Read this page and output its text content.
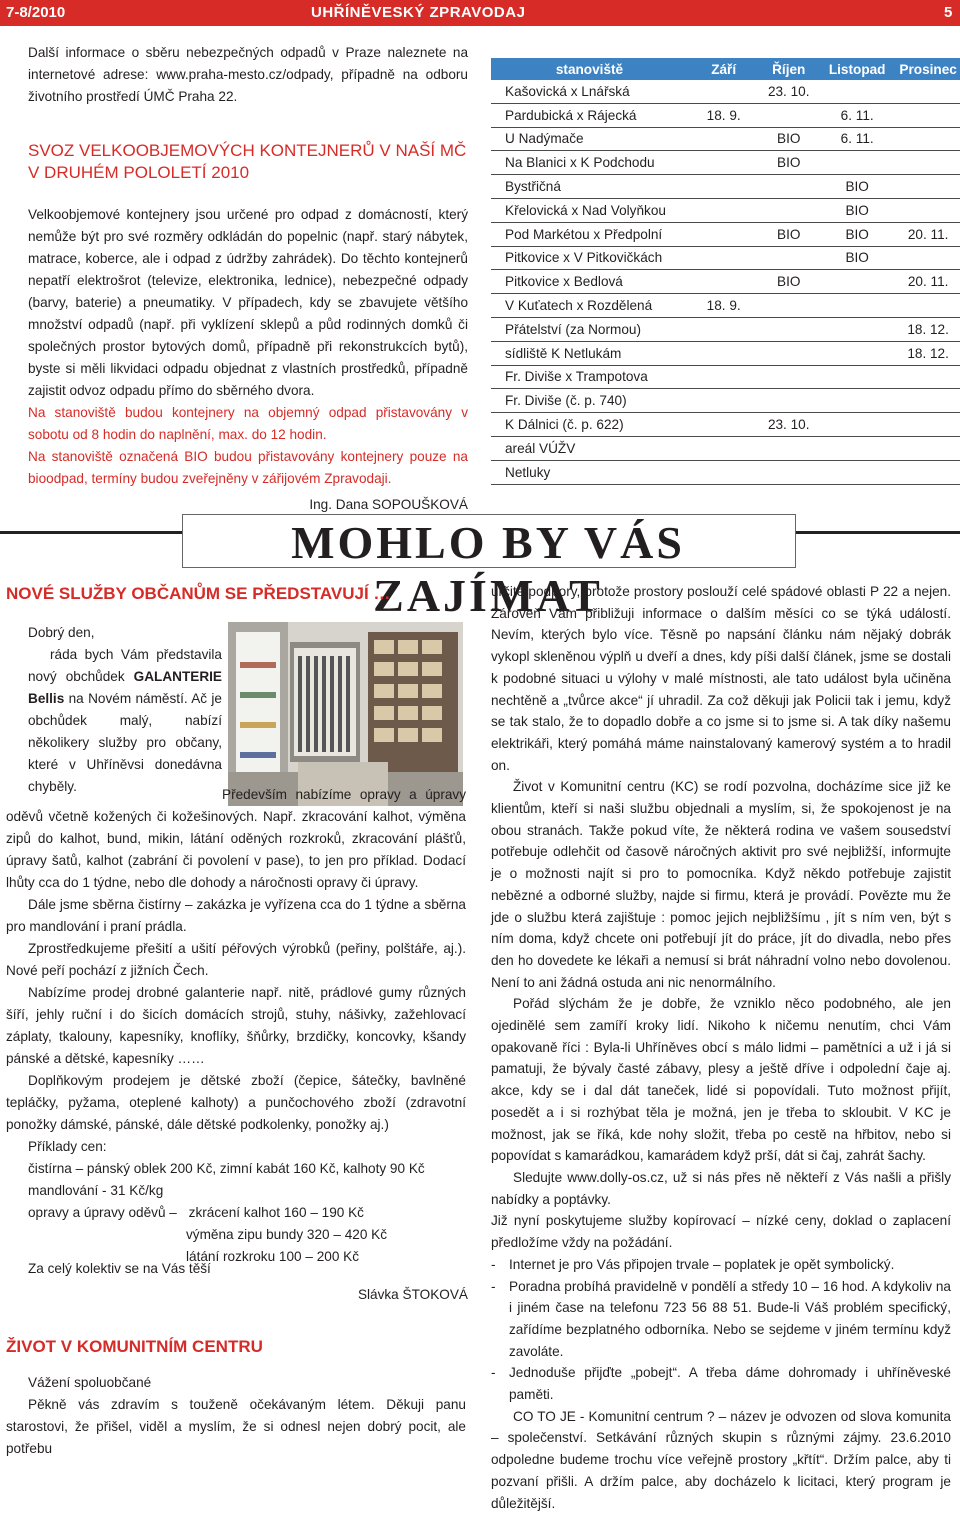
7-8/2010	UHŘÍNĚVESKÝ ZPRAVODAJ	5

Další informace o sběru nebezpečných odpadů v Praze naleznete na internetové adrese: www.praha-mesto.cz/odpady, případně na odboru životního prostředí ÚMČ Praha 22.

SVOZ VELKOOBJEMOVÝCH KONTEJNERŮ V NAŠÍ MČ V DRUHÉM POLOLETÍ 2010

Velkoobjemové kontejnery jsou určené pro odpad z domácností, který nemůže být pro své rozměry odkládán do popelnic (např. starý nábytek, matrace, koberce, ale i odpad z údržby zahrádek). Do těchto kontejnerů nepatří elektrošrot (televize, elektronika, lednice), nebezpečné odpady (barvy, baterie) a pneumatiky. V případech, kdy se zbavujete většího množství odpadů (např. při vyklízení sklepů a půd rodinných domků či společných prostor bytových domů, případně při rekonstrukcích bytů), byste si měli likvidaci odpadu objednat z vlastních prostředků, případně zajistit odvoz odpadu přímo do sběrného dvora.

Na stanoviště budou kontejnery na objemný odpad přistavovány v sobotu od 8 hodin do naplnění, max. do 12 hodin.

Na stanoviště označená BIO budou přistavovány kontejnery pouze na bioodpad, termíny budou zveřejněny v zářijovém Zpravodaji.

Ing. Dana SOPOUŠKOVÁ

stanoviště	Září	Říjen	Listopad	Prosinec
Kašovická x Lnářská		23. 10.		
Pardubická x Rájecká	18. 9.		6. 11.	
U Nadýmače		BIO	6. 11.	
Na Blanici x K Podchodu		BIO		
Bystřičná			BIO	
Křelovická x Nad Volyňkou			BIO	
Pod Markétou x Předpolní		BIO	BIO	20. 11.
Pitkovice x V Pitkovičkách			BIO	
Pitkovice x Bedlová		BIO		20. 11.
V Kuťatech x Rozdělená	18. 9.			
Přátelství (za Normou)				18. 12.
sídliště K Netlukám				18. 12.
Fr. Diviše x Trampotova				
Fr. Diviše (č. p. 740)				
K Dálnici (č. p. 622)		23. 10.		
areál VÚŽV				
Netluky				
MOHLO BY VÁS ZAJÍMAT
NOVÉ SLUŽBY OBČANŮM SE PŘEDSTAVUJÍ …

Dobrý den,

ráda bych Vám představila nový obchůdek GALANTERIE Bellis na Novém náměstí. Ač je obchůdek malý, nabízí několikery služby pro občany, které v Uhříněvsi donedávna chyběly.

Především nabízíme opravy a úpravy oděvů včetně kožených či kožešinových. Např. zkracování kalhot, výměna zipů do kalhot, bund, mikin, látání oděných rozkroků, zkracování plášťů, úpravy šatů, kalhot (zabrání či povolení v pase), to jen pro příklad. Dodací lhůty cca do 1 týdne, nebo dle dohody a náročnosti opravy či úpravy.

Dále jsme sběrna čistírny – zakázka je vyřízena cca do 1 týdne a sběrna pro mandlování i praní prádla.

Zprostředkujeme přešití a ušití péřových výrobků (peřiny, polštáře, aj.). Nové peří pochází z jižních Čech.

Nabízíme prodej drobné galanterie např. nitě, prádlové gumy různých šíří, jehly ruční i do šicích domácích strojů, stuhy, nášivky, zažehlovací záplaty, tkalouny, kapesníky, knoflíky, šňůrky, brzdičky, koncovky, kšandy pánské a dětské, kapesníky ……

Doplňkovým prodejem je dětské zboží (čepice, šátečky, bavlněné tepláčky, pyžama, oteplené kalhoty) a punčochového zboží (zdravotní ponožky dámské, pánské, dále dětské podkolenky, ponožky aj.)

Příklady cen:

čistírna – pánský oblek 200 Kč, zimní kabát 160 Kč, kalhoty 90 Kč

mandlování - 31 Kč/kg

opravy a úpravy oděvů – zkrácení kalhot 160 – 190 Kč

výměna zipu bundy 320 – 420 Kč

látání rozkroku 100 – 200 Kč

Za celý kolektiv se na Vás těší

Slávka ŠTOKOVÁ

ŽIVOT V KOMUNITNÍM CENTRU

Vážení spoluobčané

Pěkně vás zdravím s touženě očekávaným létem. Děkuji panu starostovi, že přišel, viděl a myslím, že si odnesl nejen dobrý pocit, ale potřebu

určité podpory, protože prostory poslouží celé spádové oblasti P 22 a nejen. Zároveň Vám přibližuji informace o dalším měsíci co se týká událostí. Nevím, kterých bylo více. Těsně po napsání článku nám nějaký dobrák vykopl skleněnou výplň u dveří a dnes, kdy píši další článek, jsme se dostali k podobné situaci u výlohy v malé místnosti, ale tato událost byla učiněna nechtěně a „tvůrce akce“ jí uhradil. Za což děkuji jak Policii tak i jemu, když se tak stalo, že to dopadlo dobře a co jsme si to jsme si. A tak díky našemu elektrikáři, který pomáhá máme nainstalovaný kamerový systém a to hradil on.

Život v Komunitní centru (KC) se rodí pozvolna, docházíme sice již ke klientům, kteří si naši službu objednali a myslím, si, že spokojenost je na obou stranách. Takže pokud víte, že některá rodina ve vašem sousedství potřebuje odlehčit od časově náročných aktivit pro své nejbližší, informujte je o možnosti najít si pro to pomocníka. Když někdo potřebuje zajistit nebězné a odborné služby, najde si firmu, která je provádí. Povězte mu že jde o službu která zajištuje : pomoc jejich nejbližšímu , jít s ním ven, být s ním doma, když chcete oni potřebují jít do práce, jít do divadla, nebo přes den ho dovedete ke lékaři a nemusí si brát náhradní volno nebo dovolenou. Není to ani žádná ostuda ani nic nenormálního.

Pořád slýchám že je dobře, že vzniklo něco podobného, ale jen ojedinělé sem zamíří kroky lidí. Nikoho k ničemu nenutím, chci Vám opakovaně říci : Byla-li Uhříněves obcí s málo lidmi – pamětníci a už i já si pamatuji, že bývaly časté zábavy, plesy a ještě dříve i odpolední čaje aj. akce, kdy se i dal dát taneček, lidé si popovídali. Tuto možnost přijít, posedět a i si rozhýbat těla je možná, jen je třeba to skloubit. V KC je možnost, jak se říká, kde nohy složit, třeba po cestě na hřbitov, nebo si popovídat s kamarádkou, kamarádem když prší, dát si čaj, zahrát šachy.

Sledujte www.dolly-os.cz, už si nás přes ně někteří z Vás našli a přišly nabídky a poptávky.

Již nyní poskytujeme služby kopírovací – nízké ceny, doklad o zaplacení předložíme vždy na požádání.

- Internet je pro Vás připojen trvale – poplatek je opět symbolický.

- Poradna probíhá pravidelně v pondělí a středy 10 – 16 hod. A kdykoliv na i jiném čase na telefonu 723 56 88 51. Bude-li Váš problém specifický, zařídíme bezplatného odborníka. Nebo se sejdeme v jiném termínu když zavoláte.

- Jednoduše přijďte „pobejt“. A třeba dáme dohromady i uhříněveské paměti.

CO TO JE - Komunitní centrum ? – název je odvozen od slova komunita – společenství. Setkávání různých skupin s různými zájmy. 23.6.2010 odpoledne budeme trochu více veřejně prostory „křtít“. Držím palce, aby ti pozvaní přišli. A držím palce, aby docházelo k licitaci, který program je důležitější.
